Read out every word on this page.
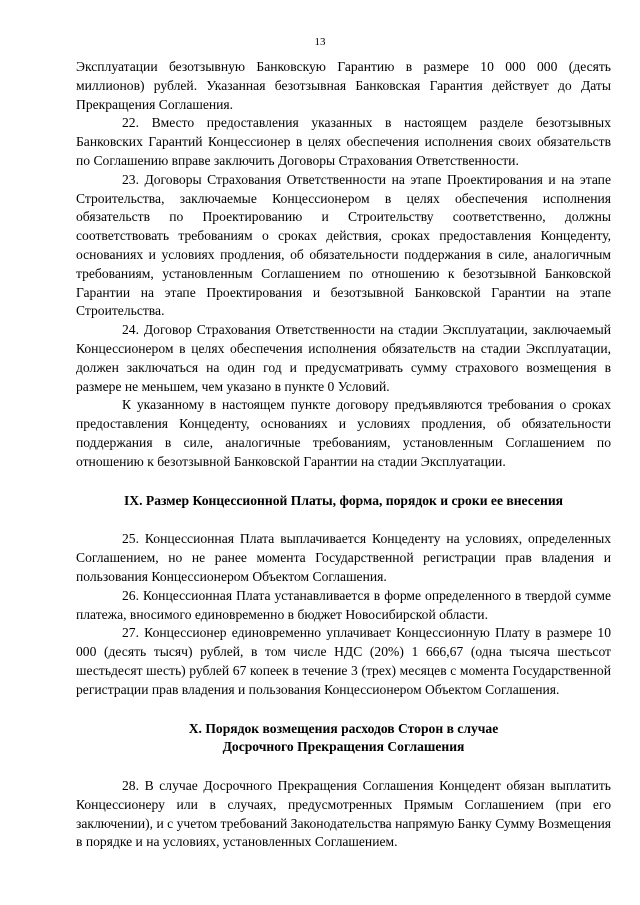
13

Эксплуатации безотзывную Банковскую Гарантию в размере 10 000 000 (десять миллионов) рублей. Указанная безотзывная Банковская Гарантия действует до Даты Прекращения Соглашения.

22. Вместо предоставления указанных в настоящем разделе безотзывных Банковских Гарантий Концессионер в целях обеспечения исполнения своих обязательств по Соглашению вправе заключить Договоры Страхования Ответственности.

23. Договоры Страхования Ответственности на этапе Проектирования и на этапе Строительства, заключаемые Концессионером в целях обеспечения исполнения обязательств по Проектированию и Строительству соответственно, должны соответствовать требованиям о сроках действия, сроках предоставления Концеденту, основаниях и условиях продления, об обязательности поддержания в силе, аналогичным требованиям, установленным Соглашением по отношению к безотзывной Банковской Гарантии на этапе Проектирования и безотзывной Банковской Гарантии на этапе Строительства.

24. Договор Страхования Ответственности на стадии Эксплуатации, заключаемый Концессионером в целях обеспечения исполнения обязательств на стадии Эксплуатации, должен заключаться на один год и предусматривать сумму страхового возмещения в размере не меньшем, чем указано в пункте 0 Условий.

К указанному в настоящем пункте договору предъявляются требования о сроках предоставления Концеденту, основаниях и условиях продления, об обязательности поддержания в силе, аналогичные требованиям, установленным Соглашением по отношению к безотзывной Банковской Гарантии на стадии Эксплуатации.

IX. Размер Концессионной Платы, форма, порядок и сроки ее внесения

25. Концессионная Плата выплачивается Концеденту на условиях, определенных Соглашением, но не ранее момента Государственной регистрации прав владения и пользования Концессионером Объектом Соглашения.

26. Концессионная Плата устанавливается в форме определенного в твердой сумме платежа, вносимого единовременно в бюджет Новосибирской области.

27. Концессионер единовременно уплачивает Концессионную Плату в размере 10 000 (десять тысяч) рублей, в том числе НДС (20%) 1 666,67 (одна тысяча шестьсот шестьдесят шесть) рублей 67 копеек в течение 3 (трех) месяцев с момента Государственной регистрации прав владения и пользования Концессионером Объектом Соглашения.

X. Порядок возмещения расходов Сторон в случае
Досрочного Прекращения Соглашения

28. В случае Досрочного Прекращения Соглашения Концедент обязан выплатить Концессионеру или в случаях, предусмотренных Прямым Соглашением (при его заключении), и с учетом требований Законодательства напрямую Банку Сумму Возмещения в порядке и на условиях, установленных Соглашением.
